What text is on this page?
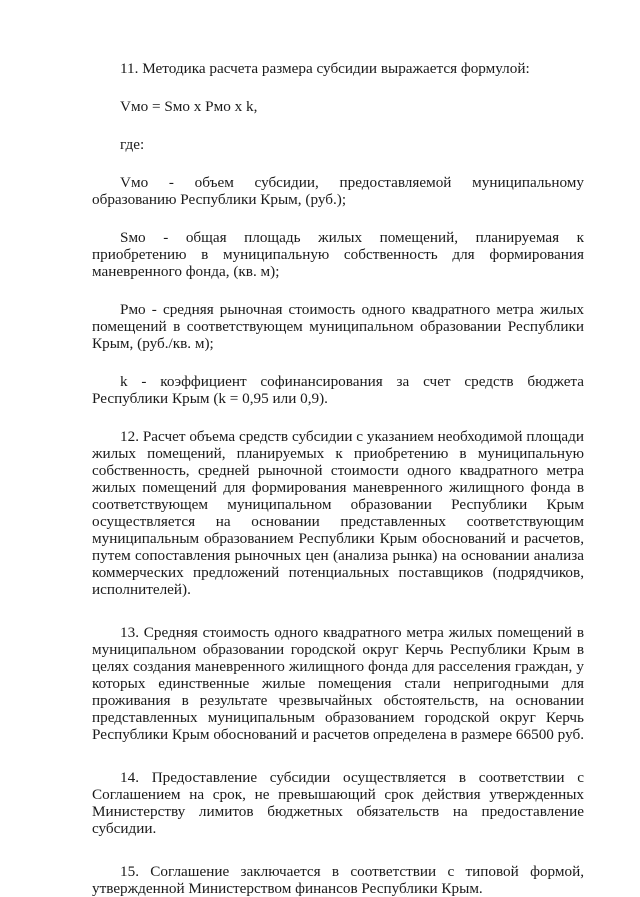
11. Методика расчета размера субсидии выражается формулой:

Vмо = Sмо x Рмо x k,

где:

Vмо - объем субсидии, предоставляемой муниципальному образованию Республики Крым, (руб.);

Sмо - общая площадь жилых помещений, планируемая к приобретению в муниципальную собственность для формирования маневренного фонда, (кв. м);

Рмо - средняя рыночная стоимость одного квадратного метра жилых помещений в соответствующем муниципальном образовании Республики Крым, (руб./кв. м);

k - коэффициент софинансирования за счет средств бюджета Республики Крым (k = 0,95 или 0,9).

12. Расчет объема средств субсидии с указанием необходимой площади жилых помещений, планируемых к приобретению в муниципальную собственность, средней рыночной стоимости одного квадратного метра жилых помещений для формирования маневренного жилищного фонда в соответствующем муниципальном образовании Республики Крым осуществляется на основании представленных соответствующим муниципальным образованием Республики Крым обоснований и расчетов, путем сопоставления рыночных цен (анализа рынка) на основании анализа коммерческих предложений потенциальных поставщиков (подрядчиков, исполнителей).

13. Средняя стоимость одного квадратного метра жилых помещений в муниципальном образовании городской округ Керчь Республики Крым в целях создания маневренного жилищного фонда для расселения граждан, у которых единственные жилые помещения стали непригодными для проживания в результате чрезвычайных обстоятельств, на основании представленных муниципальным образованием городской округ Керчь Республики Крым обоснований и расчетов определена в размере 66500 руб.

14. Предоставление субсидии осуществляется в соответствии с Соглашением на срок, не превышающий срок действия утвержденных Министерству лимитов бюджетных обязательств на предоставление субсидии.

15. Соглашение заключается в соответствии с типовой формой, утвержденной Министерством финансов Республики Крым.
